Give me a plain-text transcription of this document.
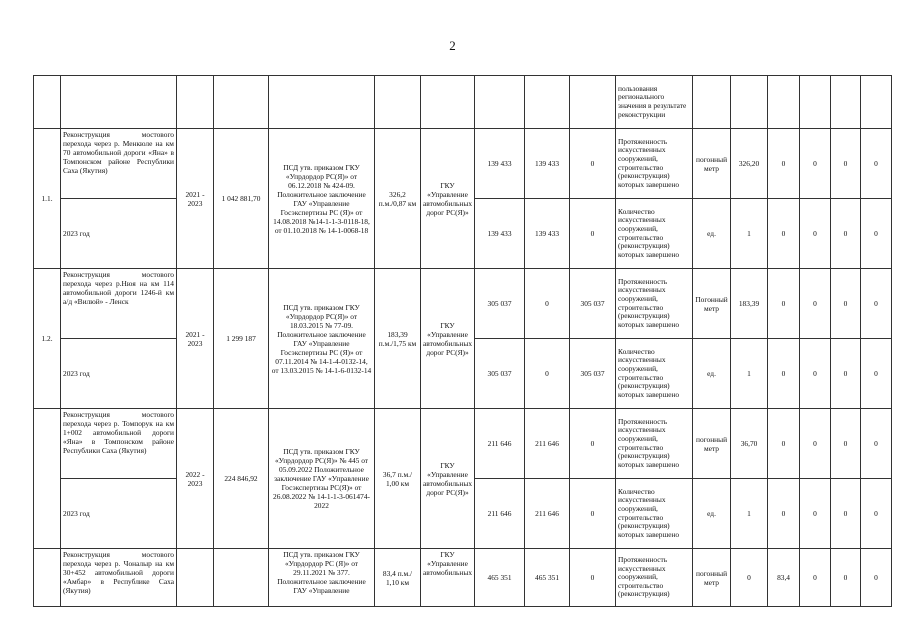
2
										пользования регионального значения в результате реконструкции						
1.1.	Реконструкция мостового перехода через р. Менкюле на км 70 автомобильной дороги «Яна» в Томпонском районе Республики Саха (Якутия)	2021 - 2023	1 042 881,70	ПСД утв. приказом ГКУ «Упрдордор РС(Я)» от 06.12.2018 № 424-09. Положительное заключение ГАУ «Управление Госэкспертизы РС (Я)» от 14.08.2018 №14-1-1-3-0118-18, от 01.10.2018 № 14-1-0068-18	326,2 п.м./0,87 км	ГКУ «Управление автомобильных дорог РС(Я)»	139 433	139 433	0	Протяженность искусственных сооружений, строительство (реконструкция) которых завершено	погонный метр	326,20	0	0	0	0
	2023 год						139 433	139 433	0	Количество искусственных сооружений, строительство (реконструкция) которых завершено	ед.	1	0	0	0	0
1.2.	Реконструкция мостового перехода через р.Нюя на км 114 автомобильной дороги 1246-й км а/д «Вилюй» - Ленск	2021 - 2023	1 299 187	ПСД утв. приказом ГКУ «Упрдордор РС(Я)» от 18.03.2015 № 77-09. Положительное заключение ГАУ «Управление Госэкспертизы РС (Я)» от 07.11.2014 № 14-1-4-0132-14, от 13.03.2015 № 14-1-6-0132-14	183,39 п.м./1,75 км	ГКУ «Управление автомобильных дорог РС(Я)»	305 037	0	305 037	Протяженность искусственных сооружений, строительство (реконструкция) которых завершено	Погонный метр	183,39	0	0	0	0
	2023 год						305 037	0	305 037	Количество искусственных сооружений, строительство (реконструкция) которых завершено	ед.	1	0	0	0	0
	Реконструкция мостового перехода через р. Томпорук на км 1+002 автомобильной дороги «Яна» в Томпонском районе Республики Саха (Якутия)	2022 - 2023	224 846,92	ПСД утв. приказом ГКУ «Упрдордор РС(Я)» № 445 от 05.09.2022 Положительное заключение ГАУ «Управление Госэкспертизы РС(Я)» от 26.08.2022 № 14-1-1-3-061474-2022	36,7 п.м./ 1,00 км	ГКУ «Управление автомобильных дорог РС(Я)»	211 646	211 646	0	Протяженность искусственных сооружений, строительство (реконструкция) которых завершено	погонный метр	36,70	0	0	0	0
	2023 год						211 646	211 646	0	Количество искусственных сооружений, строительство (реконструкция) которых завершено	ед.	1	0	0	0	0
	Реконструкция мостового перехода через р. Чоналыр на км 30+452 автомобильной дороги «Амбар» в Республике Саха (Якутия)			ПСД утв. приказом ГКУ «Упрдордор РС (Я)» от 29.11.2021 № 377. Положительное заключение ГАУ «Управление	83,4 п.м./ 1,10 км	ГКУ «Управление автомобильных	465 351	465 351	0	Протяженность искусственных сооружений, строительство (реконструкция)	погонный метр	0	83,4	0	0	0
